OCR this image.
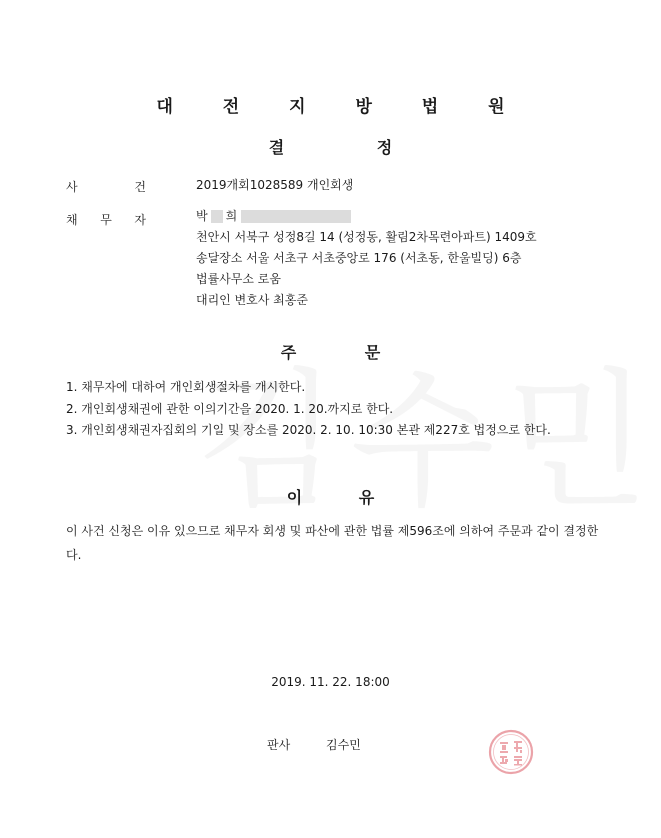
대 전 지 방 법 원
결	정
사	건	2019개회1028589 개인회생
채 무 자	박 희
천안시 서북구 성정8길 14 (성정동, 활림2차목련아파트) 1409호
송달장소 서울 서초구 서초중앙로 176 (서초동, 한울빌딩) 6층
법률사무소 로움
대리인 변호사 최홍준
주	문
1. 채무자에 대하여 개인회생절차를 개시한다.
2. 개인회생채권에 관한 이의기간을 2020. 1. 20.까지로 한다.
3. 개인회생채권자집회의 기일 및 장소를 2020. 2. 10. 10:30 본관 제227호 법정으로 한다.
이	유
이 사건 신청은 이유 있으므로 채무자 회생 및 파산에 관한 법률 제596조에 의하여 주문과 같이 결정한다.
2019. 11. 22. 18:00
판사	김수민
